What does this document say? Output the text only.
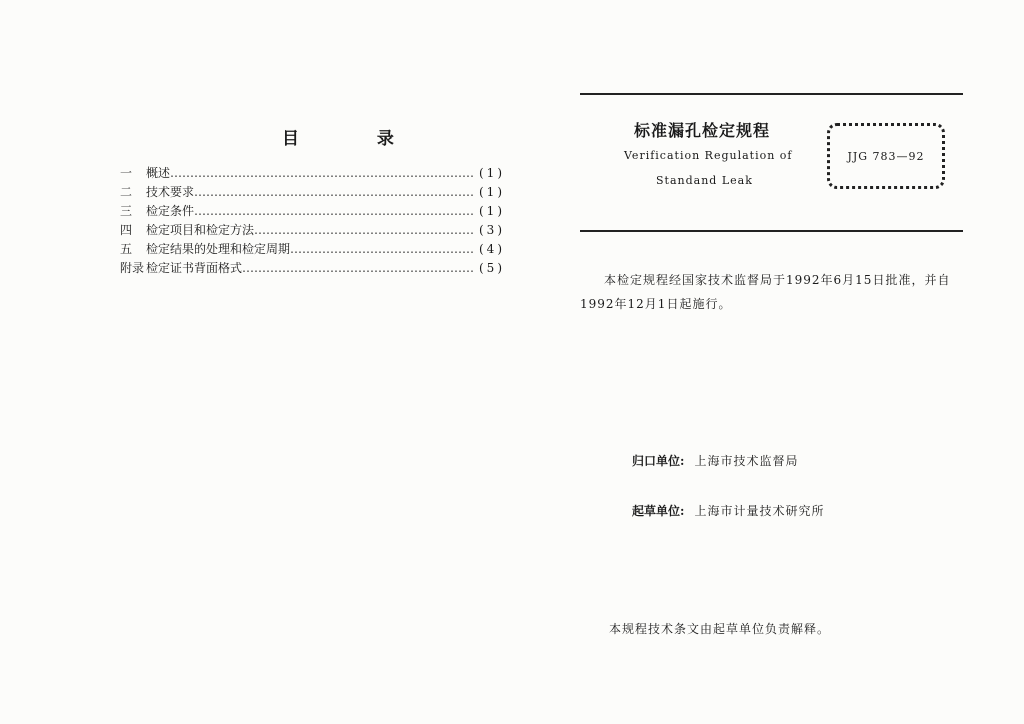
目 录
一	概述 ……………………………………………………………………………………………………………………………………………………	(1)
二	技术要求 ……………………………………………………………………………………………………………………………………………………	(1)
三	检定条件 ……………………………………………………………………………………………………………………………………………………	(1)
四	检定项目和检定方法 ……………………………………………………………………………………………………………………………………………………	(3)
五	检定结果的处理和检定周期 ……………………………………………………………………………………………………………………………………………………	(4)
附录 检定证书背面格式 ……………………………………………………………………………………………………………………………………………………	(5)
标准漏孔检定规程
Verification Regulation of
Standand Leak
JJG 783—92
本检定规程经国家技术监督局于1992年6月15日批准，并自1992年12月1日起施行。
归口单位: 上海市技术监督局
起草单位: 上海市计量技术研究所
本规程技术条文由起草单位负责解释。
